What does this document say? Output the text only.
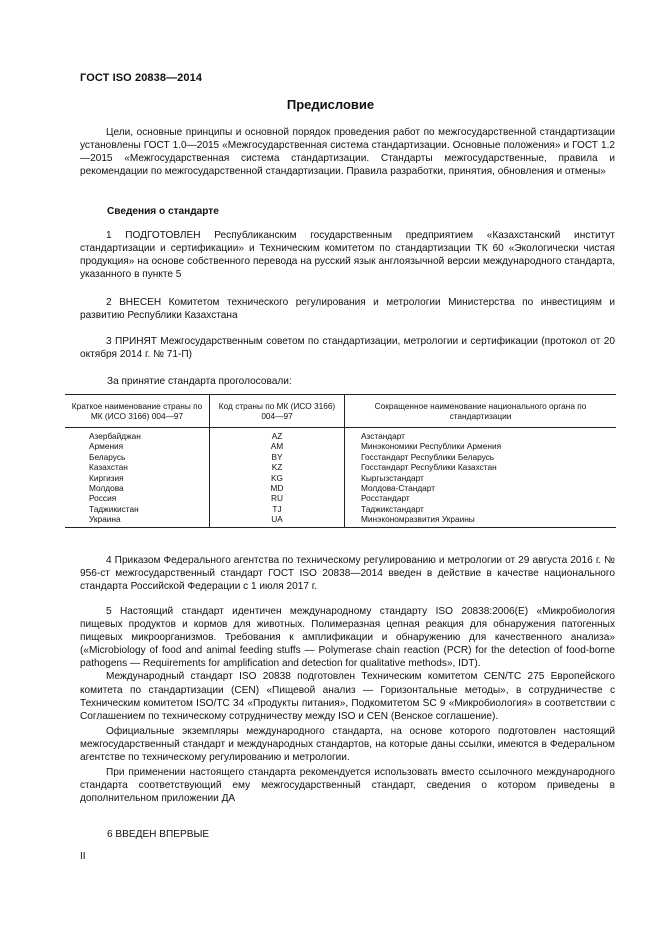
ГОСТ ISO 20838—2014
Предисловие

Цели, основные принципы и основной порядок проведения работ по межгосударственной стандартизации установлены ГОСТ 1.0—2015 «Межгосударственная система стандартизации. Основные положения» и ГОСТ 1.2—2015 «Межгосударственная система стандартизации. Стандарты межгосударственные, правила и рекомендации по межгосударственной стандартизации. Правила разработки, принятия, обновления и отмены»

Сведения о стандарте

1 ПОДГОТОВЛЕН Республиканским государственным предприятием «Казахстанский институт стандартизации и сертификации» и Техническим комитетом по стандартизации ТК 60 «Экологически чистая продукция» на основе собственного перевода на русский язык англоязычной версии международного стандарта, указанного в пункте 5

2 ВНЕСЕН Комитетом технического регулирования и метрологии Министерства по инвестициям и развитию Республики Казахстана

3 ПРИНЯТ Межгосударственным советом по стандартизации, метрологии и сертификации (протокол от 20 октября 2014 г. № 71-П)

За принятие стандарта проголосовали:
Краткое наименование страны по МК (ИСО 3166) 004—97	Код страны по МК (ИСО 3166) 004—97	Сокращенное наименование национального органа по стандартизации
Азербайджан	AZ	Азстандарт
Армения	AM	Минэкономики Республики Армения
Беларусь	BY	Госстандарт Республики Беларусь
Казахстан	KZ	Госстандарт Республики Казахстан
Киргизия	KG	Кыргызстандарт
Молдова	MD	Молдова-Стандарт
Россия	RU	Росстандарт
Таджикистан	TJ	Таджикстандарт
Украина	UA	Минэкономразвития Украины

4 Приказом Федерального агентства по техническому регулированию и метрологии от 29 августа 2016 г. № 956-ст межгосударственный стандарт ГОСТ ISO 20838—2014 введен в действие в качестве национального стандарта Российской Федерации с 1 июля 2017 г.

5 Настоящий стандарт идентичен международному стандарту ISO 20838:2006(E) «Микробиология пищевых продуктов и кормов для животных. Полимеразная цепная реакция для обнаружения патогенных пищевых микроорганизмов. Требования к амплификации и обнаружению для качественного анализа» («Microbiology of food and animal feeding stuffs — Polymerase chain reaction (PCR) for the detection of food-borne pathogens — Requirements for amplification and detection for qualitative methods», IDT).

Международный стандарт ISO 20838 подготовлен Техническим комитетом CEN/TC 275 Европейского комитета по стандартизации (CEN) «Пищевой анализ — Горизонтальные методы», в сотрудничестве с Техническим комитетом ISO/TC 34 «Продукты питания», Подкомитетом SC 9 «Микробиология» в соответствии с Соглашением по техническому сотрудничеству между ISO и CEN (Венское соглашение).

Официальные экземпляры международного стандарта, на основе которого подготовлен настоящий межгосударственный стандарт и международных стандартов, на которые даны ссылки, имеются в Федеральном агентстве по техническому регулированию и метрологии.

При применении настоящего стандарта рекомендуется использовать вместо ссылочного международного стандарта соответствующий ему межгосударственный стандарт, сведения о котором приведены в дополнительном приложении ДА

6 ВВЕДЕН ВПЕРВЫЕ
II
